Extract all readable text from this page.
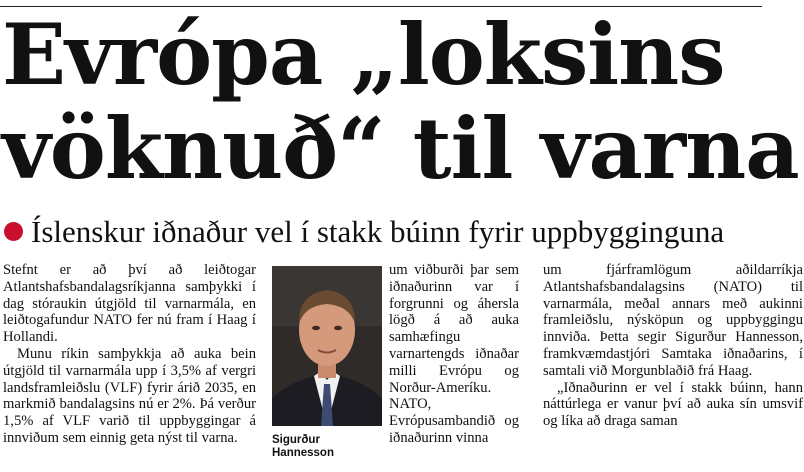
Evrópa „loksins
vöknuð“ til varna
Íslenskur iðnaður vel í stakk búinn fyrir uppbygginguna

Stefnt er að því að leiðtogar Atlantshafsbandalagsríkjanna samþykki í dag stóraukin útgjöld til varnarmála, en leiðtogafundur NATO fer nú fram í Haag í Hollandi.

Munu ríkin samþykkja að auka bein útgjöld til varnarmála upp í 3,5% af vergri landsframleiðslu (VLF) fyrir árið 2035, en markmið bandalagsins nú er 2%. Þá verður 1,5% af VLF varið til uppbyggingar á innviðum sem einnig geta nýst til varna.	Sigurður
Hannesson

um viðburði þar sem iðnaðurinn var í forgrunni og áhersla lögð á að auka samhæfingu varnartengds iðnaðar milli Evrópu og Norður-Ameríku. NATO, Evrópusambandið og iðnaðurinn vinna

um fjárframlögum aðildarríkja Atlantshafsbandalagsins (NATO) til varnarmála, meðal annars með aukinni framleiðslu, nýsköpun og uppbyggingu innviða. Þetta segir Sigurður Hannesson, framkvæmdastjóri Samtaka iðnaðarins, í samtali við Morgunblaðið frá Haag.

„Iðnaðurinn er vel í stakk búinn, hann náttúrlega er vanur því að auka sín umsvif og líka að draga saman
